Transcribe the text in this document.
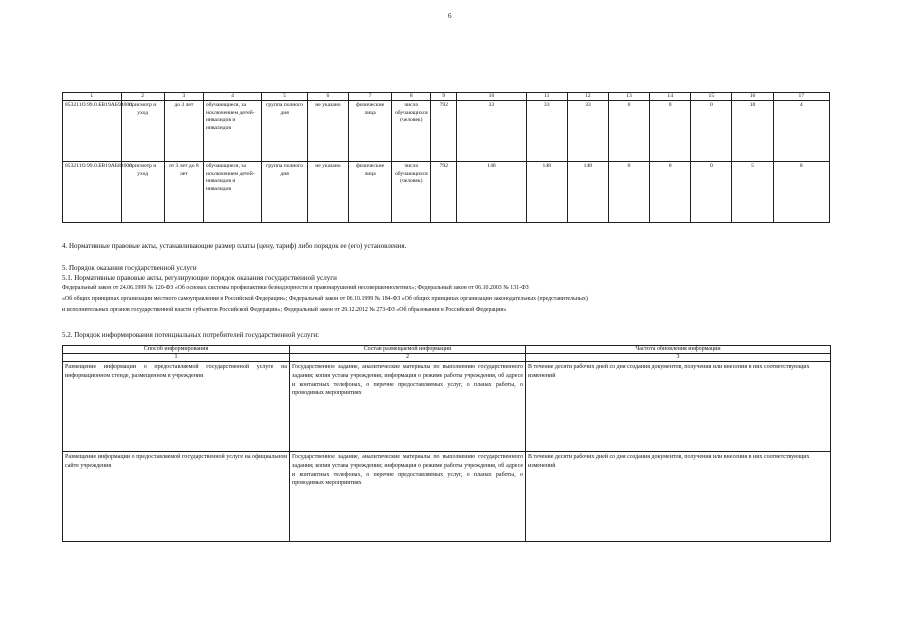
6
1	2	3	4	5	6	7	8	9	10	11	12	13	14	15	16	17
853211О.99.0.БВ19АБ94000	присмотр и уход	до 3 лет	обучающиеся, за исключением детей-инвалидов и инвалидов	группа полного дня	не указано	физические лица	число обучающихся (человек)	792	33	33	33	0	0	0	10	4
853211О.99.0.БВ19АБ82000	присмотр и уход	от 3 лет до 8 лет	обучающиеся, за исключением детей-инвалидов и инвалидов	группа полного дня	не указано	физические лица	число обучающихся (человек)	792	148	148	148	0	0	0	5	8
4. Нормативные правовые акты, устанавливающие размер платы (цену, тариф) либо порядок ее (его) установления.
5. Порядок оказания государственной услуги
5.1. Нормативные правовые акты, регулирующие порядок оказания государственной услуги
Федеральный закон от 24.06.1999 № 120-ФЗ «Об основах системы профилактики безнадзорности и правонарушений несовершеннолетних»; Федеральный закон от 06.10.2003 № 131-ФЗ
«Об общих принципах организации местного самоуправления в Российской Федерации»; Федеральный закон от 06.10.1999 № 184-ФЗ «Об общих принципах организации законодательных (представительных)
и исполнительных органов государственной власти субъектов Российской Федерации»; Федеральный закон от 29.12.2012 № 273-ФЗ «Об образовании в Российской Федерации»
5.2. Порядок информирования потенциальных потребителей государственной услуги:
Способ информирования	Состав размещаемой информации	Частота обновления информации
1	2	3
Размещение информации о предоставляемой государственной услуге на информационном стенде, размещенном в учреждении	Государственное задание, аналитические материалы по выполнению государственного задания; копия устава учреждения; информация о режиме работы учреждения, об адресе и контактных телефонах, о перечне предоставляемых услуг, о планах работы, о проводимых мероприятиях	В течение десяти рабочих дней со дня создания документов, получения или внесения в них соответствующих изменений
Размещение информации о предоставляемой государственной услуге на официальном сайте учреждения	Государственное задание, аналитические материалы по выполнению государственного задания; копия устава учреждения; информация о режиме работы учреждения, об адресе и контактных телефонах, о перечне предоставляемых услуг, о планах работы, о проводимых мероприятиях	В течение десяти рабочих дней со дня создания документов, получения или внесения в них соответствующих изменений
